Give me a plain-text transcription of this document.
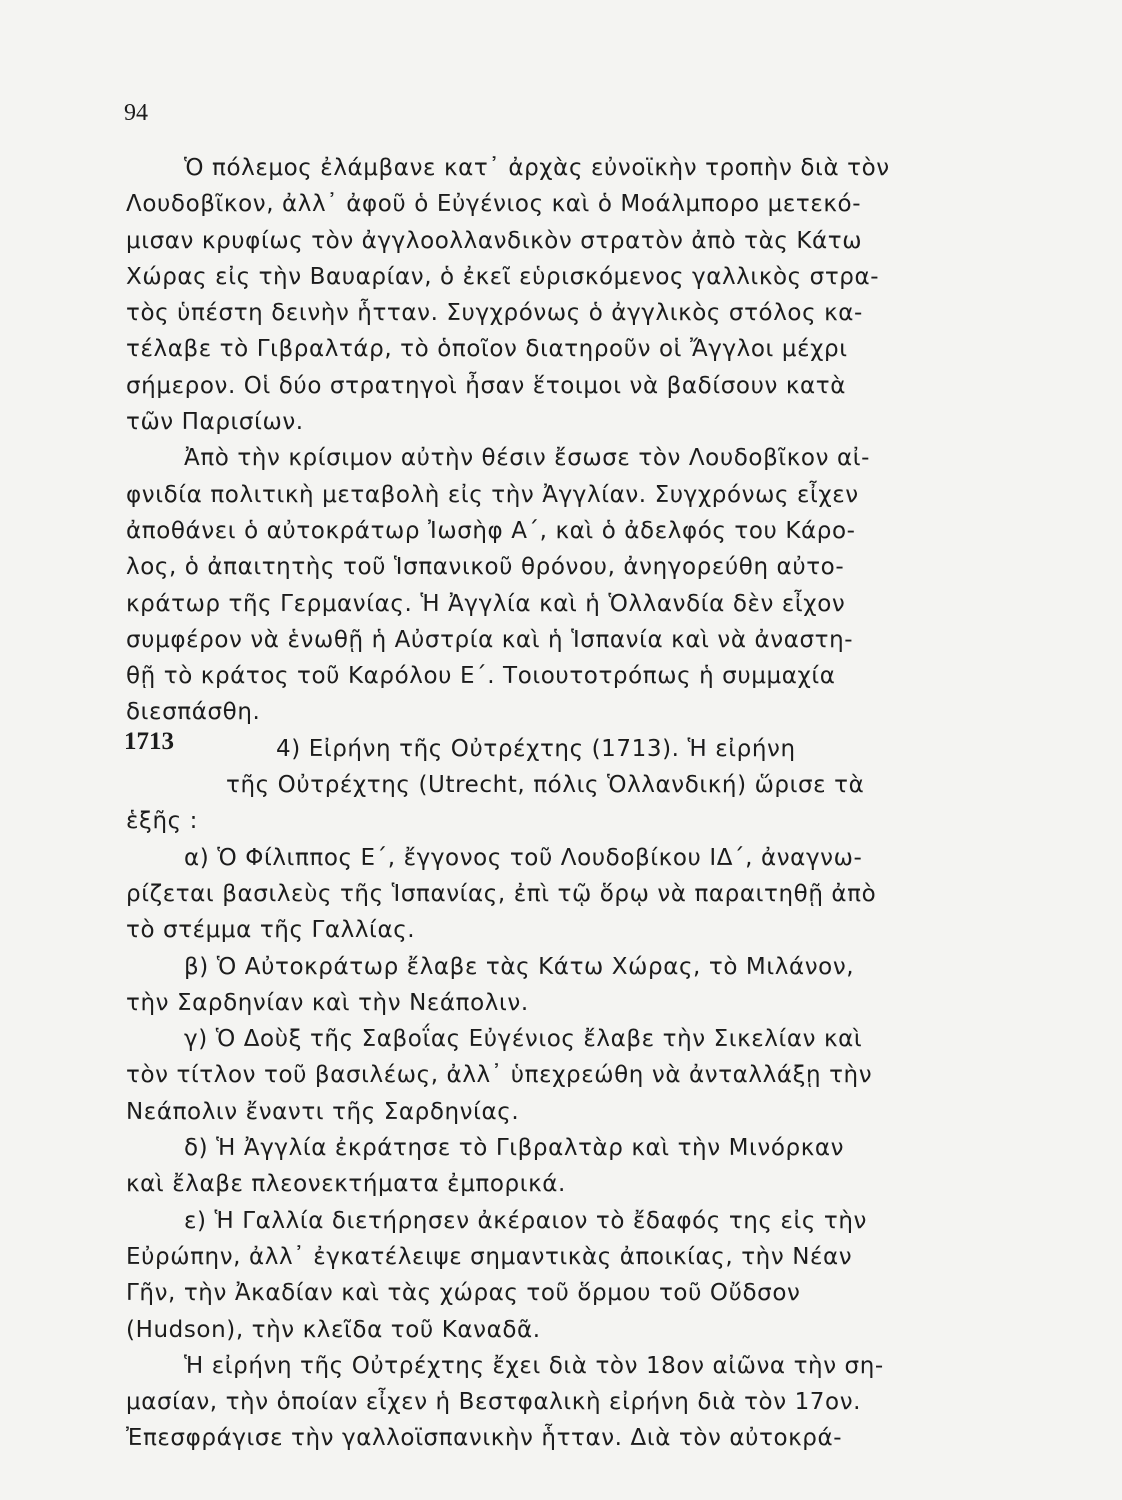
94
1713
Ὁ πόλεμος ἐλάμβανε κατ᾽ ἀρχὰς εὐνοϊκὴν τροπὴν διὰ τὸν
Λουδοβῖκον, ἀλλ᾽ ἀφοῦ ὁ Εὐγένιος καὶ ὁ Μοάλμπορο μετεκό-
μισαν κρυφίως τὸν ἀγγλοολλανδικὸν στρατὸν ἀπὸ τὰς Κάτω
Χώρας εἰς τὴν Βαυαρίαν, ὁ ἐκεῖ εὑρισκόμενος γαλλικὸς στρα-
τὸς ὑπέστη δεινὴν ἧτταν. Συγχρόνως ὁ ἀγγλικὸς στόλος κα-
τέλαβε τὸ Γιβραλτάρ, τὸ ὁποῖον διατηροῦν οἱ Ἄγγλοι μέχρι
σήμερον. Οἱ δύο στρατηγοὶ ἦσαν ἕτοιμοι νὰ βαδίσουν κατὰ
τῶν Παρισίων.
Ἀπὸ τὴν κρίσιμον αὐτὴν θέσιν ἔσωσε τὸν Λουδοβῖκον αἰ-
φνιδία πολιτικὴ μεταβολὴ εἰς τὴν Ἀγγλίαν. Συγχρόνως εἶχεν
ἀποθάνει ὁ αὐτοκράτωρ Ἰωσὴφ Α΄, καὶ ὁ ἀδελφός του Κάρο-
λος, ὁ ἀπαιτητὴς τοῦ Ἱσπανικοῦ θρόνου, ἀνηγορεύθη αὐτο-
κράτωρ τῆς Γερμανίας. Ἡ Ἀγγλία καὶ ἡ Ὁλλανδία δὲν εἶχον
συμφέρον νὰ ἑνωθῇ ἡ Αὐστρία καὶ ἡ Ἱσπανία καὶ νὰ ἀναστη-
θῇ τὸ κράτος τοῦ Καρόλου Ε΄. Τοιουτοτρόπως ἡ συμμαχία
διεσπάσθη.
4) Εἰρήνη τῆς Οὐτρέχτης (1713). Ἡ εἰρήνη
τῆς Οὐτρέχτης (Utrecht, πόλις Ὁλλανδική) ὥρισε τὰ
ἑξῆς :
α) Ὁ Φίλιππος Ε΄, ἔγγονος τοῦ Λουδοβίκου ΙΔ΄, ἀναγνω-
ρίζεται βασιλεὺς τῆς Ἱσπανίας, ἐπὶ τῷ ὅρῳ νὰ παραιτηθῇ ἀπὸ
τὸ στέμμα τῆς Γαλλίας.
β) Ὁ Αὐτοκράτωρ ἔλαβε τὰς Κάτω Χώρας, τὸ Μιλάνον,
τὴν Σαρδηνίαν καὶ τὴν Νεάπολιν.
γ) Ὁ Δοὺξ τῆς Σαβοΐας Εὐγένιος ἔλαβε τὴν Σικελίαν καὶ
τὸν τίτλον τοῦ βασιλέως, ἀλλ᾽ ὑπεχρεώθη νὰ ἀνταλλάξῃ τὴν
Νεάπολιν ἔναντι τῆς Σαρδηνίας.
δ) Ἡ Ἀγγλία ἐκράτησε τὸ Γιβραλτὰρ καὶ τὴν Μινόρκαν
καὶ ἔλαβε πλεονεκτήματα ἐμπορικά.
ε) Ἡ Γαλλία διετήρησεν ἀκέραιον τὸ ἔδαφός της εἰς τὴν
Εὐρώπην, ἀλλ᾽ ἐγκατέλειψε σημαντικὰς ἀποικίας, τὴν Νέαν
Γῆν, τὴν Ἀκαδίαν καὶ τὰς χώρας τοῦ ὅρμου τοῦ Οὔδσον
(Hudson), τὴν κλεῖδα τοῦ Καναδᾶ.
Ἡ εἰρήνη τῆς Οὐτρέχτης ἔχει διὰ τὸν 18ον αἰῶνα τὴν ση-
μασίαν, τὴν ὁποίαν εἶχεν ἡ Βεστφαλικὴ εἰρήνη διὰ τὸν 17ον.
Ἐπεσφράγισε τὴν γαλλοϊσπανικὴν ἧτταν. Διὰ τὸν αὐτοκρά-
